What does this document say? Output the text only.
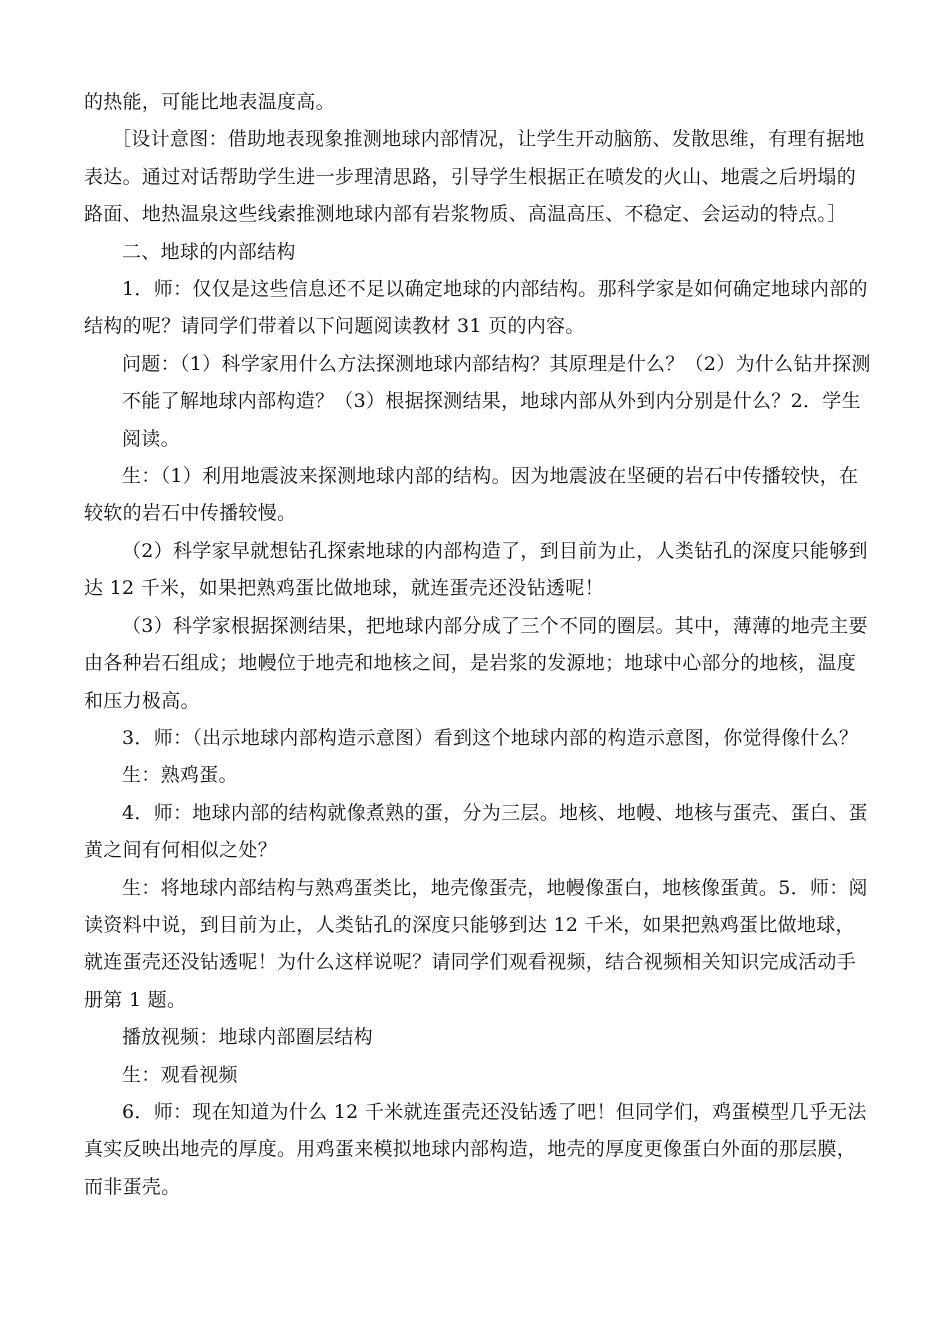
的热能，可能比地表温度高。

［设计意图：借助地表现象推测地球内部情况，让学生开动脑筋、发散思维，有理有据地表达。通过对话帮助学生进一步理清思路，引导学生根据正在喷发的火山、地震之后坍塌的路面、地热温泉这些线索推测地球内部有岩浆物质、高温高压、不稳定、会运动的特点。］

二、地球的内部结构

1．师：仅仅是这些信息还不足以确定地球的内部结构。那科学家是如何确定地球内部的结构的呢？请同学们带着以下问题阅读教材 31 页的内容。

问题：（1）科学家用什么方法探测地球内部结构？其原理是什么？（2）为什么钻井探测不能了解地球内部构造？（3）根据探测结果，地球内部从外到内分别是什么？2．学生阅读。

生：（1）利用地震波来探测地球内部的结构。因为地震波在坚硬的岩石中传播较快，在较软的岩石中传播较慢。

（2）科学家早就想钻孔探索地球的内部构造了，到目前为止，人类钻孔的深度只能够到达 12 千米，如果把熟鸡蛋比做地球，就连蛋壳还没钻透呢！

（3）科学家根据探测结果，把地球内部分成了三个不同的圈层。其中，薄薄的地壳主要由各种岩石组成；地幔位于地壳和地核之间，是岩浆的发源地；地球中心部分的地核，温度和压力极高。

3．师：（出示地球内部构造示意图）看到这个地球内部的构造示意图，你觉得像什么？

生：熟鸡蛋。

4．师：地球内部的结构就像煮熟的蛋，分为三层。地核、地幔、地核与蛋壳、蛋白、蛋黄之间有何相似之处？

生：将地球内部结构与熟鸡蛋类比，地壳像蛋壳，地幔像蛋白，地核像蛋黄。5．师：阅读资料中说，到目前为止，人类钻孔的深度只能够到达 12 千米，如果把熟鸡蛋比做地球，就连蛋壳还没钻透呢！为什么这样说呢？请同学们观看视频，结合视频相关知识完成活动手册第 1 题。

播放视频：地球内部圈层结构

生：观看视频

6．师：现在知道为什么 12 千米就连蛋壳还没钻透了吧！但同学们，鸡蛋模型几乎无法真实反映出地壳的厚度。用鸡蛋来模拟地球内部构造，地壳的厚度更像蛋白外面的那层膜，而非蛋壳。
